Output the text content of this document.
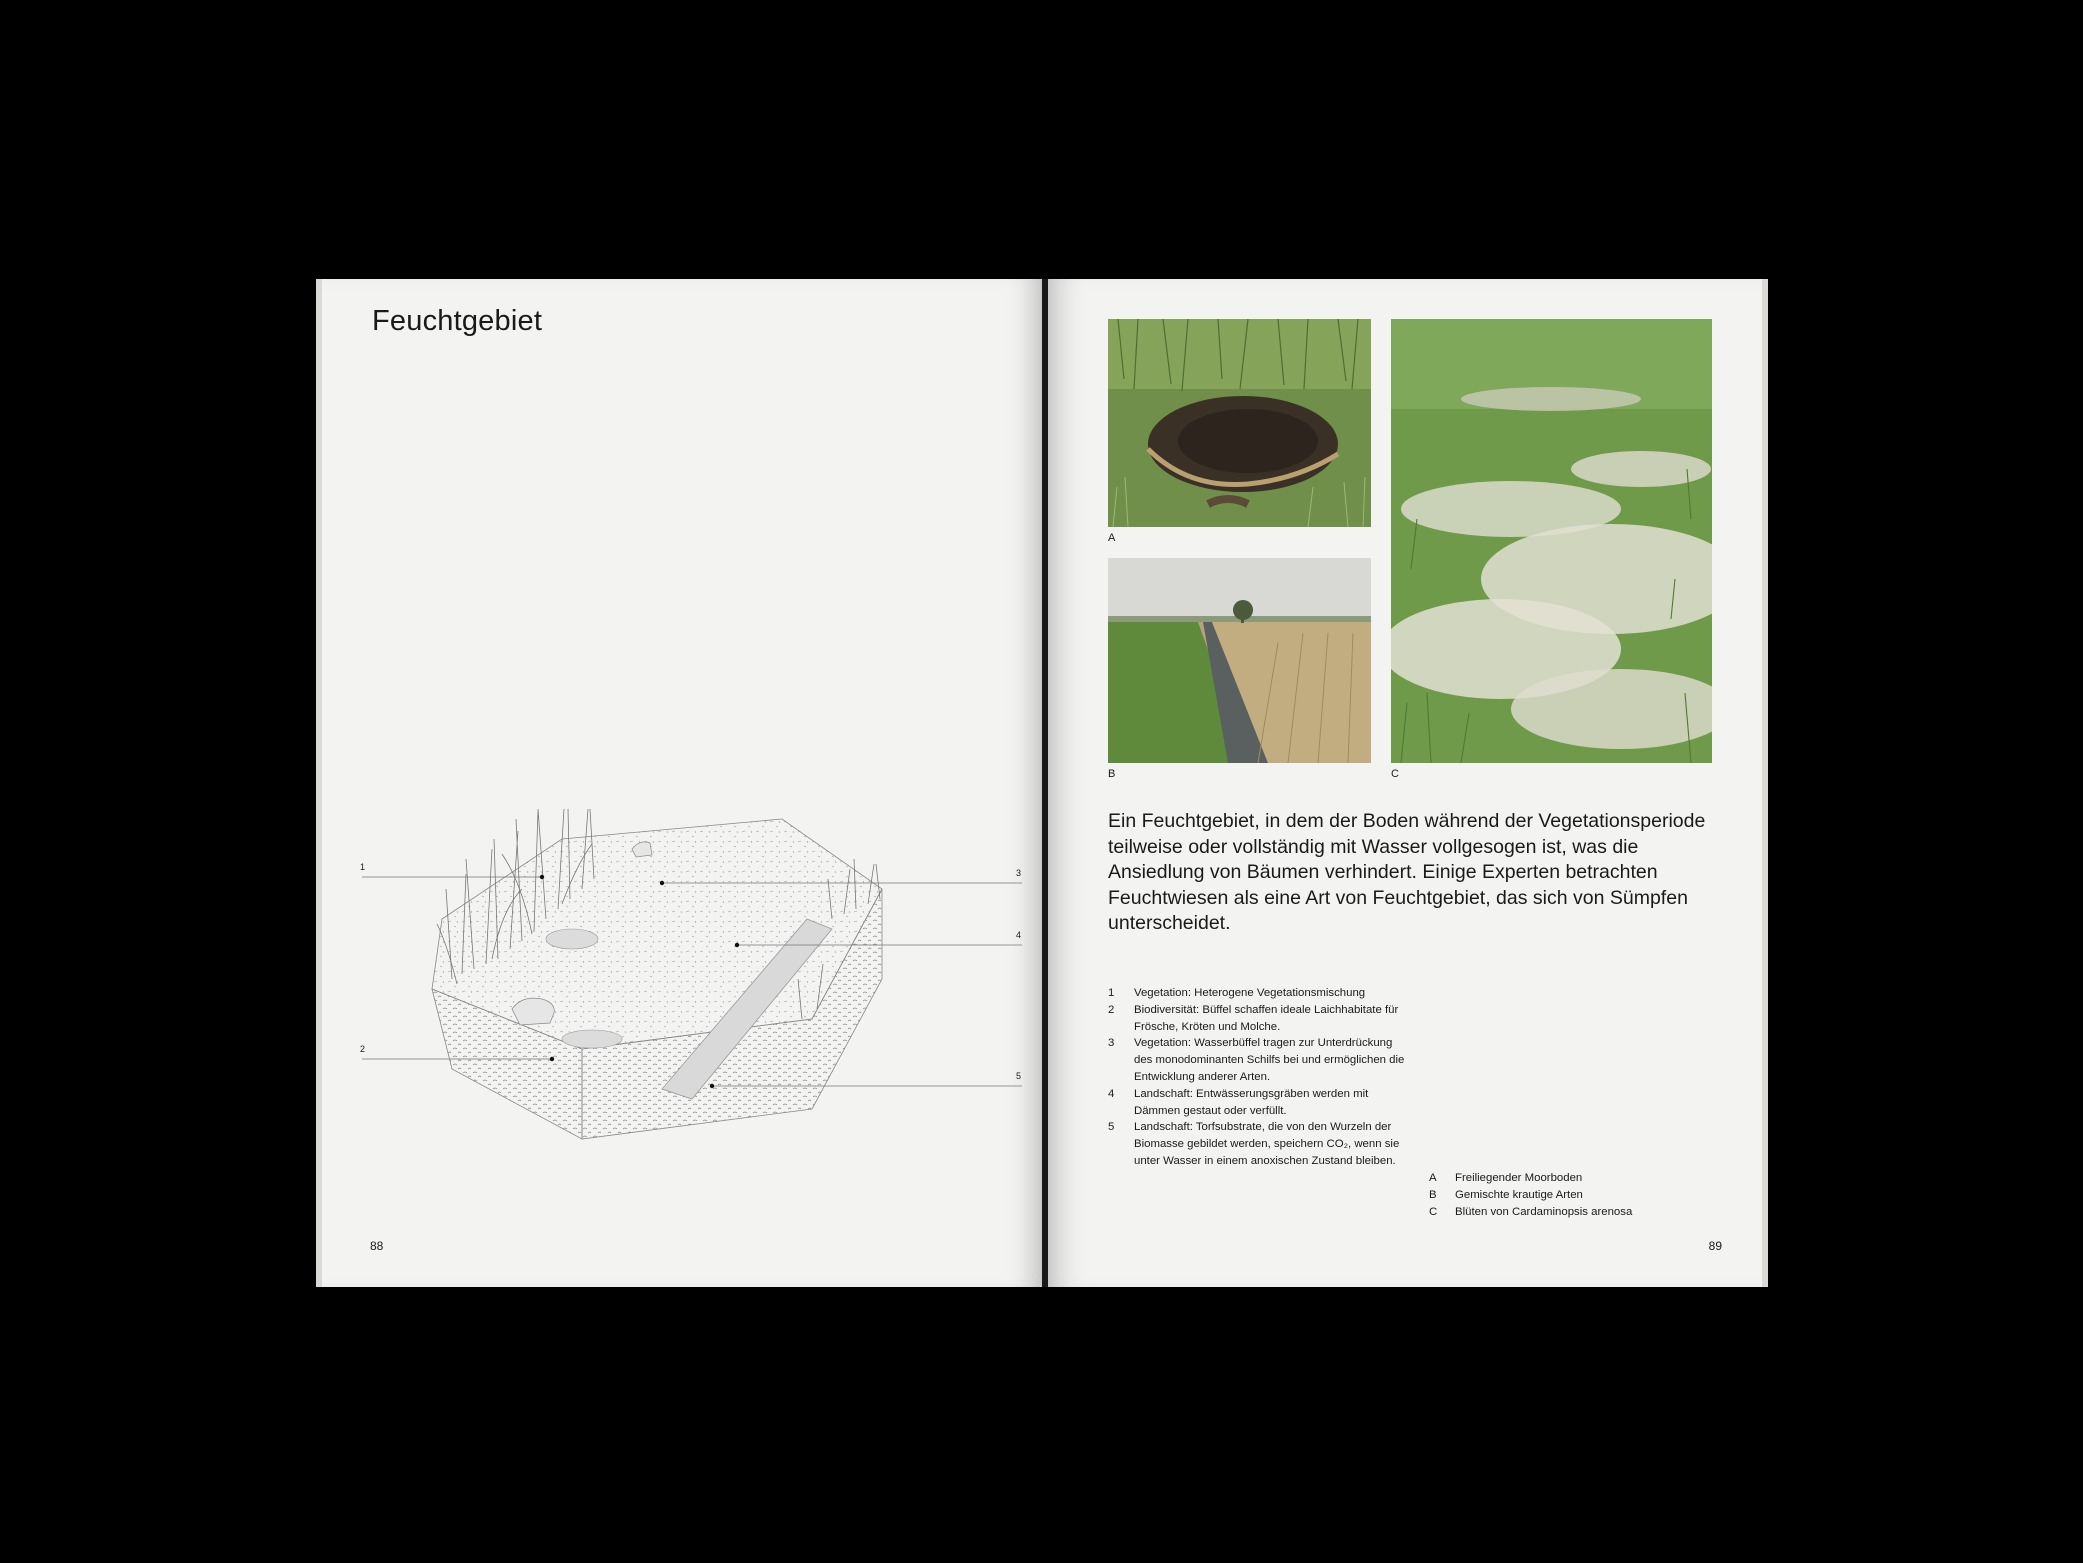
Feuchtgebiet
1
2
3
4
5
88
A
B	C

Ein Feuchtgebiet, in dem der Boden während der Vegetationsperiode teilweise oder vollständig mit Wasser vollgesogen ist, was die Ansiedlung von Bäumen verhindert. Einige Experten betrachten Feuchtwiesen als eine Art von Feuchtgebiet, das sich von Sümpfen unterscheidet.

1	Vegetation: Heterogene Vegetationsmischung
2	Biodiversität: Büffel schaffen ideale Laichhabitate für Frösche, Kröten und Molche.
3	Vegetation: Wasserbüffel tragen zur Unterdrückung des monodominanten Schilfs bei und ermöglichen die Entwicklung anderer Arten.
4	Landschaft: Entwässerungsgräben werden mit Dämmen gestaut oder verfüllt.
5	Landschaft: Torfsubstrate, die von den Wurzeln der Biomasse gebildet werden, speichern CO₂, wenn sie unter Wasser in einem anoxischen Zustand bleiben.
A	Freiliegender Moorboden
B	Gemischte krautige Arten
C	Blüten von Cardaminopsis arenosa
89
